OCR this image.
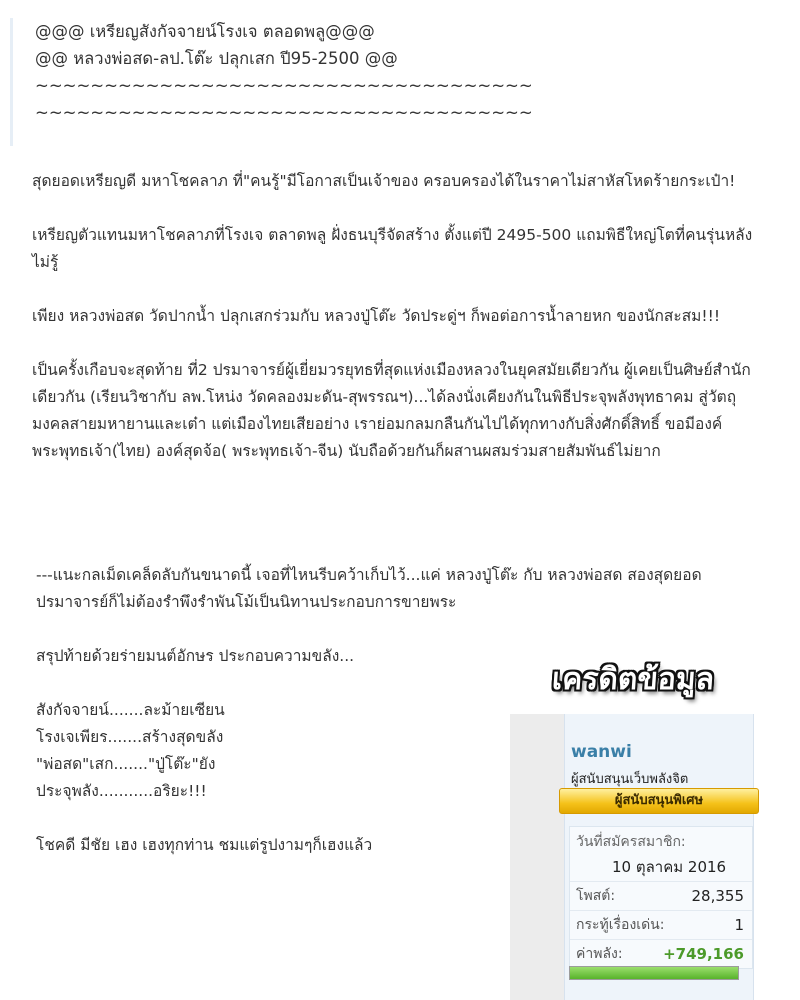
@@@ เหรียญสังกัจจายน์โรงเจ ตลอดพลู@@@
@@ หลวงพ่อสด-ลป.โต๊ะ ปลุกเสก ปี95-2500 @@
~~~~~~~~~~~~~~~~~~~~~~~~~~~~~~~~~~~~
~~~~~~~~~~~~~~~~~~~~~~~~~~~~~~~~~~~~

สุดยอดเหรียญดี มหาโชคลาภ ที่"คนรู้"มีโอกาสเป็นเจ้าของ ครอบครองได้ในราคาไม่สาหัสโหดร้ายกระเป๋า!

เหรียญตัวแทนมหาโชคลาภที่โรงเจ ตลาดพลู ฝั่งธนบุรีจัดสร้าง ตั้งแต่ปี 2495-500 แถมพิธีใหญ่โตที่คนรุ่นหลังไม่รู้

เพียง หลวงพ่อสด วัดปากน้ำ ปลุกเสกร่วมกับ หลวงปู่โต๊ะ วัดประดู่ฯ ก็พอต่อการน้ำลายหก ของนักสะสม!!!

เป็นครั้งเกือบจะสุดท้าย ที่2 ปรมาจารย์ผู้เยี่ยมวรยุทธที่สุดแห่งเมืองหลวงในยุคสมัยเดียวกัน ผู้เคยเป็นศิษย์สำนักเดียวกัน (เรียนวิชากับ ลพ.โหน่ง วัดคลองมะดัน-สุพรรณฯ)...ได้ลงนั่งเคียงกันในพิธีประจุพลังพุทธาคม สู่วัตถุมงคลสายมหายานและเต๋า แต่เมืองไทยเสียอย่าง เราย่อมกลมกลืนกันไปได้ทุกทางกับสิ่งศักดิ์สิทธิ์ ขอมีองค์พระพุทธเจ้า(ไทย) องค์สุดจ้อ( พระพุทธเจ้า-จีน) นับถือด้วยกันก็ผสานผสมร่วมสายสัมพันธ์ไม่ยาก

---แนะกลเม็ดเคล็ดลับกันขนาดนี้ เจอที่ไหนรีบคว้าเก็บไว้...แค่ หลวงปู่โต๊ะ กับ หลวงพ่อสด สองสุดยอดปรมาจารย์ก็ไม่ต้องรำพึงรำพันโม้เป็นนิทานประกอบการขายพระ

สรุปท้ายด้วยร่ายมนต์อักษร ประกอบความขลัง...

สังกัจจายน์.......ละม้ายเซียน
โรงเจเพียร.......สร้างสุดขลัง
"พ่อสด"เสก......."ปู่โต๊ะ"ยัง
ประจุพลัง...........อริยะ!!!

โชคดี มีชัย เฮง เฮงทุกท่าน ชมแต่รูปงามๆก็เฮงแล้ว

เครดิตข้อมูล
wanwi
ผู้สนับสนุนเว็บพลังจิต
ผู้สนับสนุนพิเศษ
วันที่สมัครสมาชิก:
10 ตุลาคม 2016
โพสต์:	28,355
กระทู้เรื่องเด่น:	1
ค่าพลัง:	+749,166
